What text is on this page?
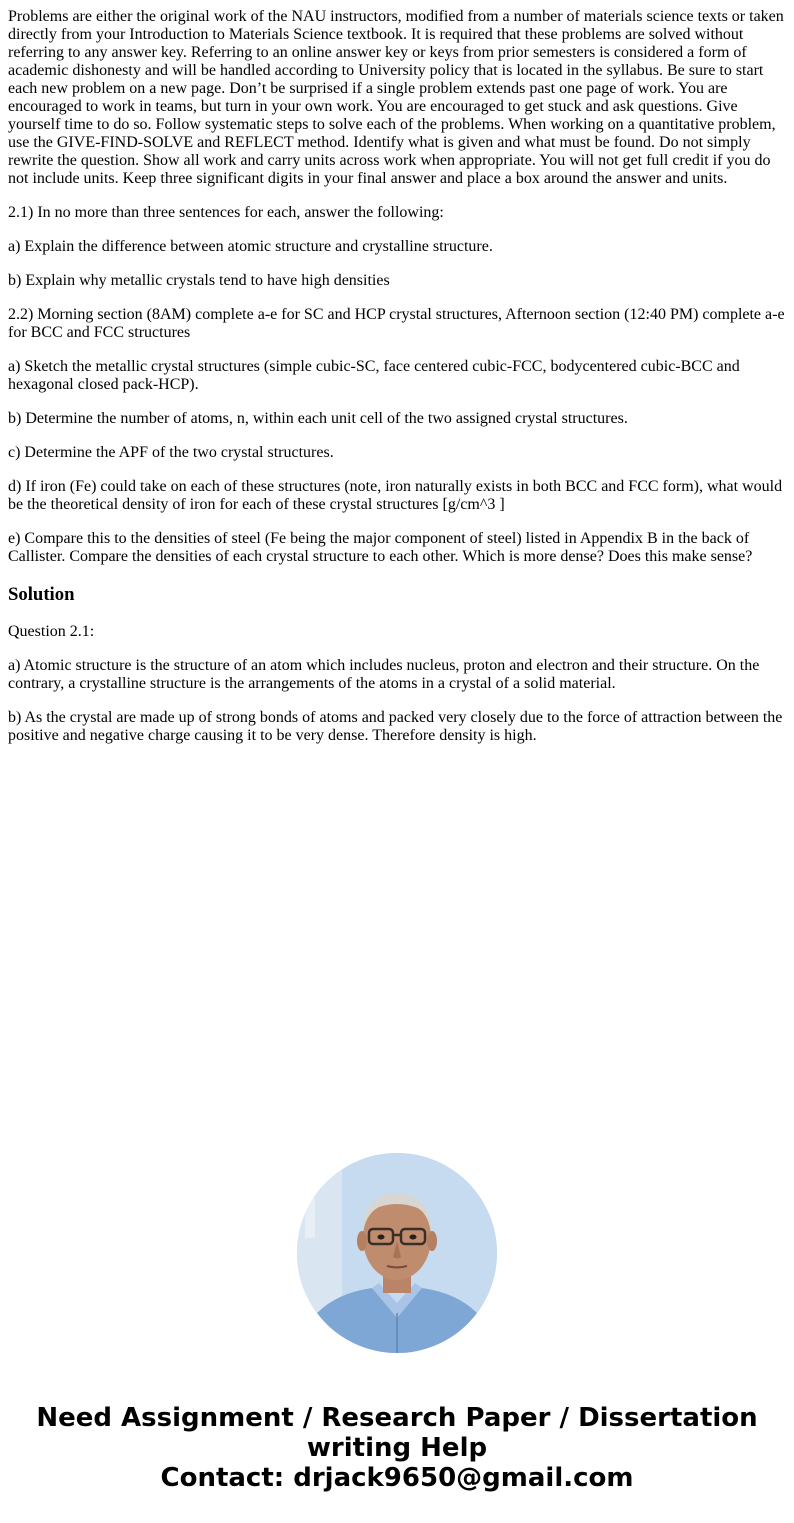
Problems are either the original work of the NAU instructors, modified from a number of materials science texts or taken directly from your Introduction to Materials Science textbook. It is required that these problems are solved without referring to any answer key. Referring to an online answer key or keys from prior semesters is considered a form of academic dishonesty and will be handled according to University policy that is located in the syllabus. Be sure to start each new problem on a new page. Don’t be surprised if a single problem extends past one page of work. You are encouraged to work in teams, but turn in your own work. You are encouraged to get stuck and ask questions. Give yourself time to do so. Follow systematic steps to solve each of the problems. When working on a quantitative problem, use the GIVE-FIND-SOLVE and REFLECT method. Identify what is given and what must be found. Do not simply rewrite the question. Show all work and carry units across work when appropriate. You will not get full credit if you do not include units. Keep three significant digits in your final answer and place a box around the answer and units.

2.1) In no more than three sentences for each, answer the following:

a) Explain the difference between atomic structure and crystalline structure.

b) Explain why metallic crystals tend to have high densities

2.2) Morning section (8AM) complete a-e for SC and HCP crystal structures, Afternoon section (12:40 PM) complete a-e for BCC and FCC structures

a) Sketch the metallic crystal structures (simple cubic-SC, face centered cubic-FCC, bodycentered cubic-BCC and hexagonal closed pack-HCP).

b) Determine the number of atoms, n, within each unit cell of the two assigned crystal structures.

c) Determine the APF of the two crystal structures.

d) If iron (Fe) could take on each of these structures (note, iron naturally exists in both BCC and FCC form), what would be the theoretical density of iron for each of these crystal structures [g/cm^3 ]

e) Compare this to the densities of steel (Fe being the major component of steel) listed in Appendix B in the back of Callister. Compare the densities of each crystal structure to each other. Which is more dense? Does this make sense?

Solution

Question 2.1:

a) Atomic structure is the structure of an atom which includes nucleus, proton and electron and their structure. On the contrary, a crystalline structure is the arrangements of the atoms in a crystal of a solid material.

b) As the crystal are made up of strong bonds of atoms and packed very closely due to the force of attraction between the positive and negative charge causing it to be very dense. Therefore density is high.

Need Assignment / Research Paper / Dissertation
writing Help
Contact: drjack9650@gmail.com
